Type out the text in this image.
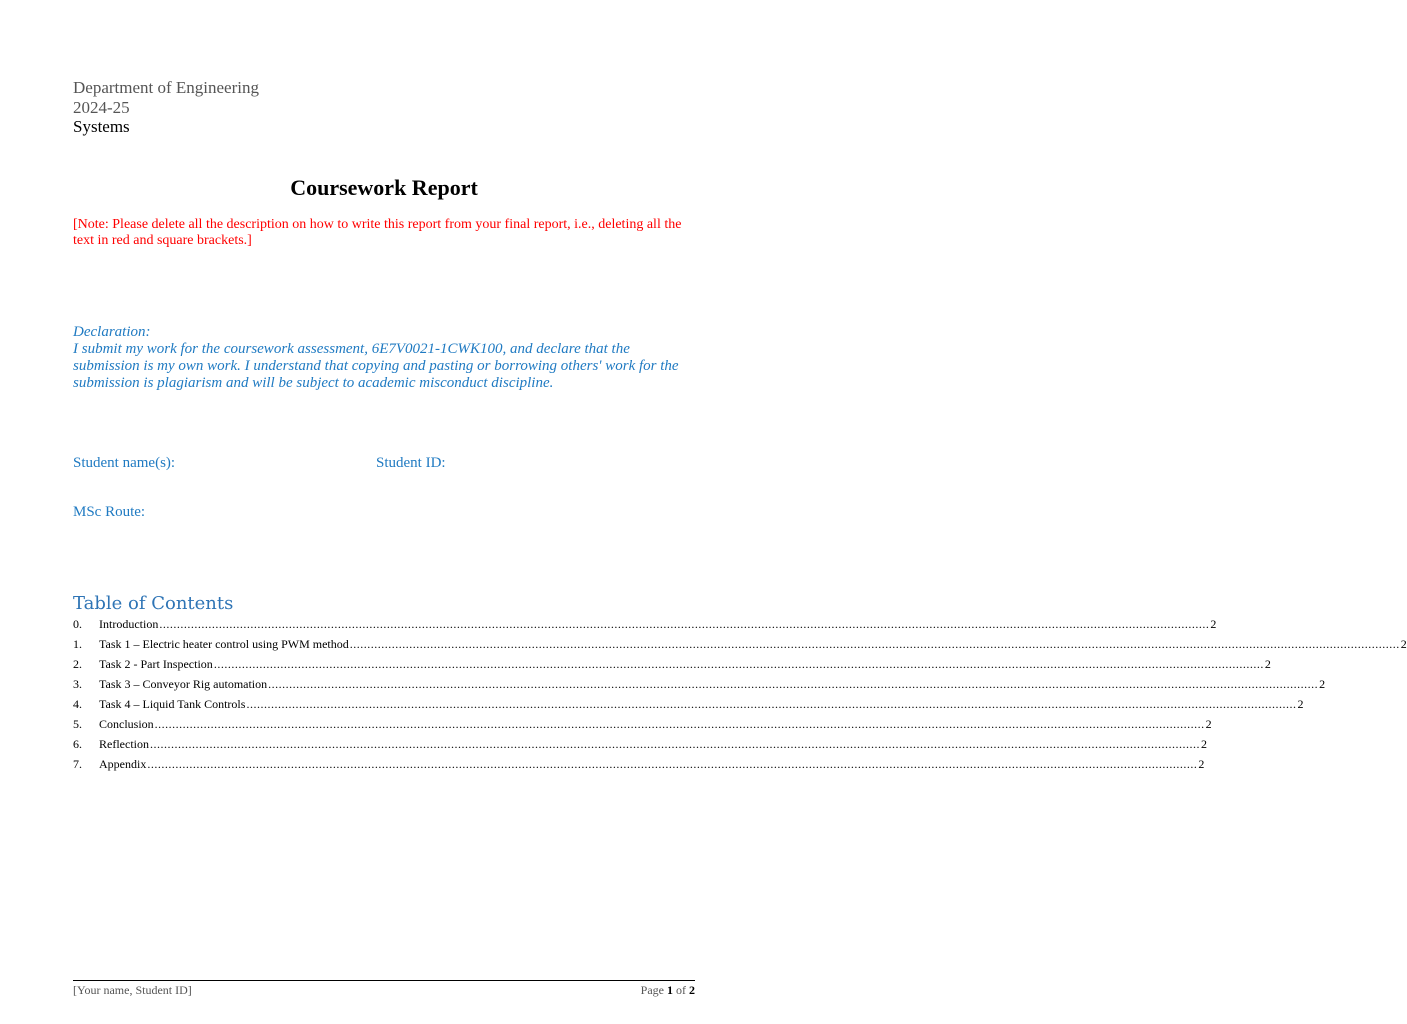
Department of Engineering
2024-25
Systems
Coursework Report
[Note: Please delete all the description on how to write this report from your final report, i.e., deleting all the text in red and square brackets.]
Declaration:
I submit my work for the coursework assessment, 6E7V0021-1CWK100, and declare that the submission is my own work. I understand that copying and pasting or borrowing others' work for the submission is plagiarism and will be subject to academic misconduct discipline.
Student name(s):	Student ID:
MSc Route:
Table of Contents
0.	Introduction ............................................................................................................................................................................................................................................................................................................ 2
1.	Task 1 – Electric heater control using PWM method ............................................................................................................................................................................................................................................................................................................ 2
2.	Task 2 - Part Inspection ............................................................................................................................................................................................................................................................................................................ 2
3.	Task 3 – Conveyor Rig automation ............................................................................................................................................................................................................................................................................................................ 2
4.	Task 4 – Liquid Tank Controls ............................................................................................................................................................................................................................................................................................................ 2
5.	Conclusion ............................................................................................................................................................................................................................................................................................................ 2
6.	Reflection ............................................................................................................................................................................................................................................................................................................ 2
7.	Appendix ............................................................................................................................................................................................................................................................................................................ 2
[Your name, Student ID]	Page 1 of 2
